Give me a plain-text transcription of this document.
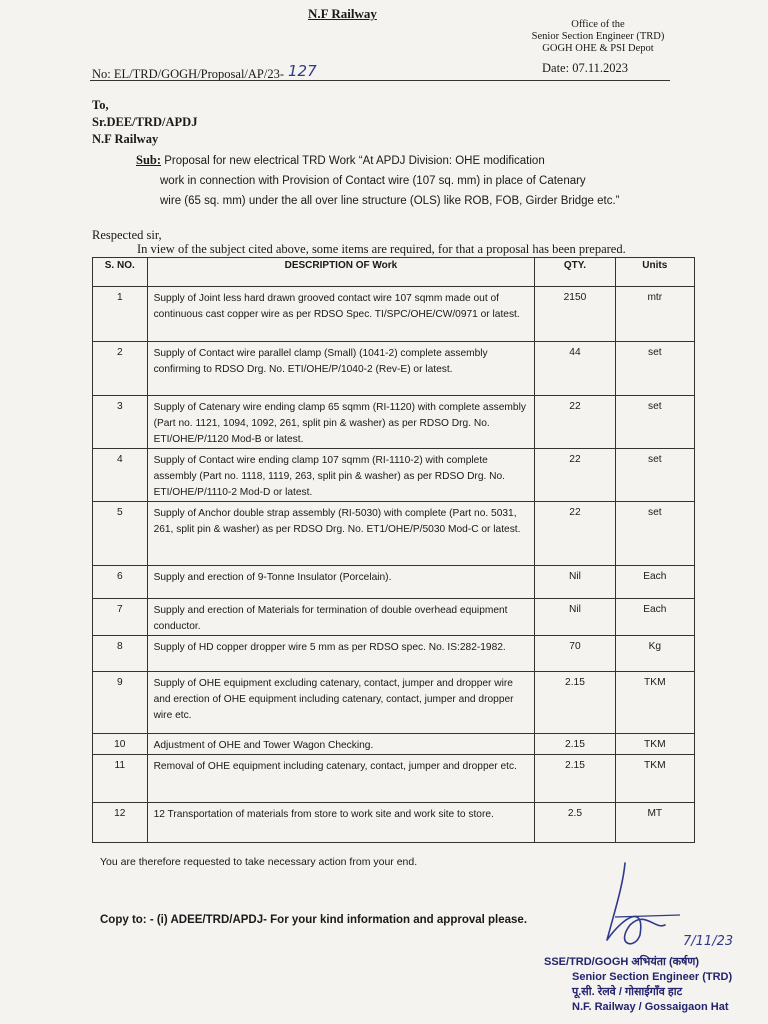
N.F Railway
Office of the
Senior Section Engineer (TRD)
GOGH OHE & PSI Depot
No: EL/TRD/GOGH/Proposal/AP/23- 127	Date: 07.11.2023
To,
Sr.DEE/TRD/APDJ
N.F Railway
Sub: Proposal for new electrical TRD Work “At APDJ Division: OHE modification
work in connection with Provision of Contact wire (107 sq. mm) in place of Catenary
wire (65 sq. mm) under the all over line structure (OLS) like ROB, FOB, Girder Bridge etc.”
Respected sir,
In view of the subject cited above, some items are required, for that a proposal has been prepared.
S. NO.	DESCRIPTION OF Work	QTY.	Units

1	Supply of Joint less hard drawn grooved contact wire 107 sqmm made out of continuous cast copper wire as per RDSO Spec. TI/SPC/OHE/CW/0971 or latest.	2150	mtr

2	Supply of Contact wire parallel clamp (Small) (1041-2) complete assembly confirming to RDSO Drg. No. ETI/OHE/P/1040-2 (Rev-E) or latest.	44	set

3	Supply of Catenary wire ending clamp 65 sqmm (RI-1120) with complete assembly (Part no. 1121, 1094, 1092, 261, split pin & washer) as per RDSO Drg. No. ETI/OHE/P/1120 Mod-B or latest.	22	set

4	Supply of Contact wire ending clamp 107 sqmm (RI-1110-2) with complete assembly (Part no. 1118, 1119, 263, split pin & washer) as per RDSO Drg. No. ETI/OHE/P/1110-2 Mod-D or latest.	22	set

5	Supply of Anchor double strap assembly (RI-5030) with complete (Part no. 5031, 261, split pin & washer) as per RDSO Drg. No. ET1/OHE/P/5030 Mod-C or latest.	22	set

6	Supply and erection of 9-Tonne Insulator (Porcelain).	Nil	Each

7	Supply and erection of Materials for termination of double overhead equipment conductor.	Nil	Each

8	Supply of HD copper dropper wire 5 mm as per RDSO spec. No. IS:282-1982.	70	Kg

9	Supply of OHE equipment excluding catenary, contact, jumper and dropper wire and erection of OHE equipment including catenary, contact, jumper and dropper wire etc.	2.15	TKM

10	Adjustment of OHE and Tower Wagon Checking.	2.15	TKM

11	Removal of OHE equipment including catenary, contact, jumper and dropper etc.	2.15	TKM

12	12 Transportation of materials from store to work site and work site to store.	2.5	MT
You are therefore requested to take necessary action from your end.
Copy to: - (i) ADEE/TRD/APDJ- For your kind information and approval please.
7/11/23
SSE/TRD/GOGH अभियंता (कर्षण)
Senior Section Engineer (TRD)
पू.सी. रेलवे / गोसाईगाँव हाट
N.F. Railway / Gossaigaon Hat
